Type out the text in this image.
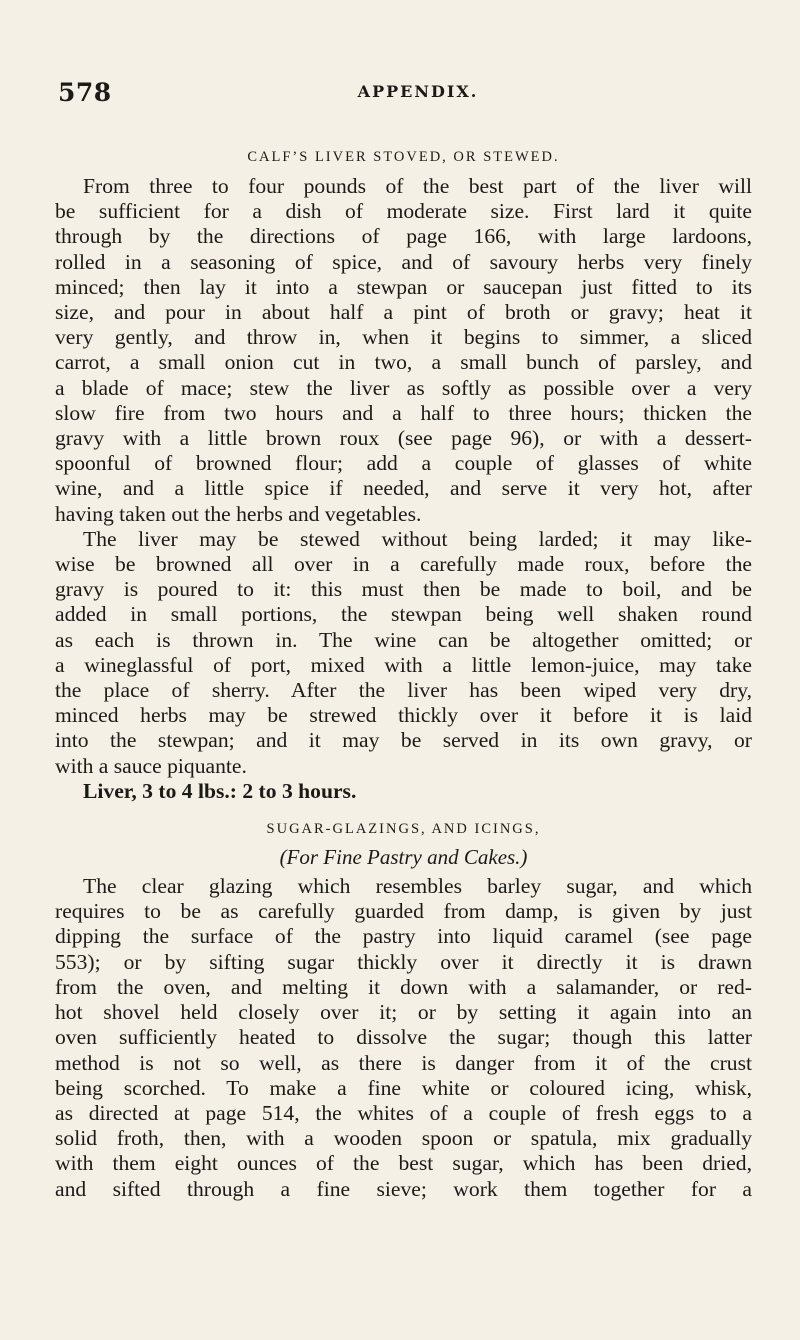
578	APPENDIX.
CALF’S LIVER STOVED, OR STEWED.

From three to four pounds of the best part of the liver will
be sufficient for a dish of moderate size. First lard it quite
through by the directions of page 166, with large lardoons,
rolled in a seasoning of spice, and of savoury herbs very finely
minced; then lay it into a stewpan or saucepan just fitted to its
size, and pour in about half a pint of broth or gravy; heat it
very gently, and throw in, when it begins to simmer, a sliced
carrot, a small onion cut in two, a small bunch of parsley, and
a blade of mace; stew the liver as softly as possible over a very
slow fire from two hours and a half to three hours; thicken the
gravy with a little brown roux (see page 96), or with a dessert-
spoonful of browned flour; add a couple of glasses of white
wine, and a little spice if needed, and serve it very hot, after
having taken out the herbs and vegetables.

The liver may be stewed without being larded; it may like-
wise be browned all over in a carefully made roux, before the
gravy is poured to it: this must then be made to boil, and be
added in small portions, the stewpan being well shaken round
as each is thrown in. The wine can be altogether omitted; or
a wineglassful of port, mixed with a little lemon-juice, may take
the place of sherry. After the liver has been wiped very dry,
minced herbs may be strewed thickly over it before it is laid
into the stewpan; and it may be served in its own gravy, or
with a sauce piquante.

Liver, 3 to 4 lbs.: 2 to 3 hours.

SUGAR-GLAZINGS, AND ICINGS,
(For Fine Pastry and Cakes.)

The clear glazing which resembles barley sugar, and which
requires to be as carefully guarded from damp, is given by just
dipping the surface of the pastry into liquid caramel (see page
553); or by sifting sugar thickly over it directly it is drawn
from the oven, and melting it down with a salamander, or red-
hot shovel held closely over it; or by setting it again into an
oven sufficiently heated to dissolve the sugar; though this latter
method is not so well, as there is danger from it of the crust
being scorched. To make a fine white or coloured icing, whisk,
as directed at page 514, the whites of a couple of fresh eggs to a
solid froth, then, with a wooden spoon or spatula, mix gradually
with them eight ounces of the best sugar, which has been dried,
and sifted through a fine sieve; work them together for a
